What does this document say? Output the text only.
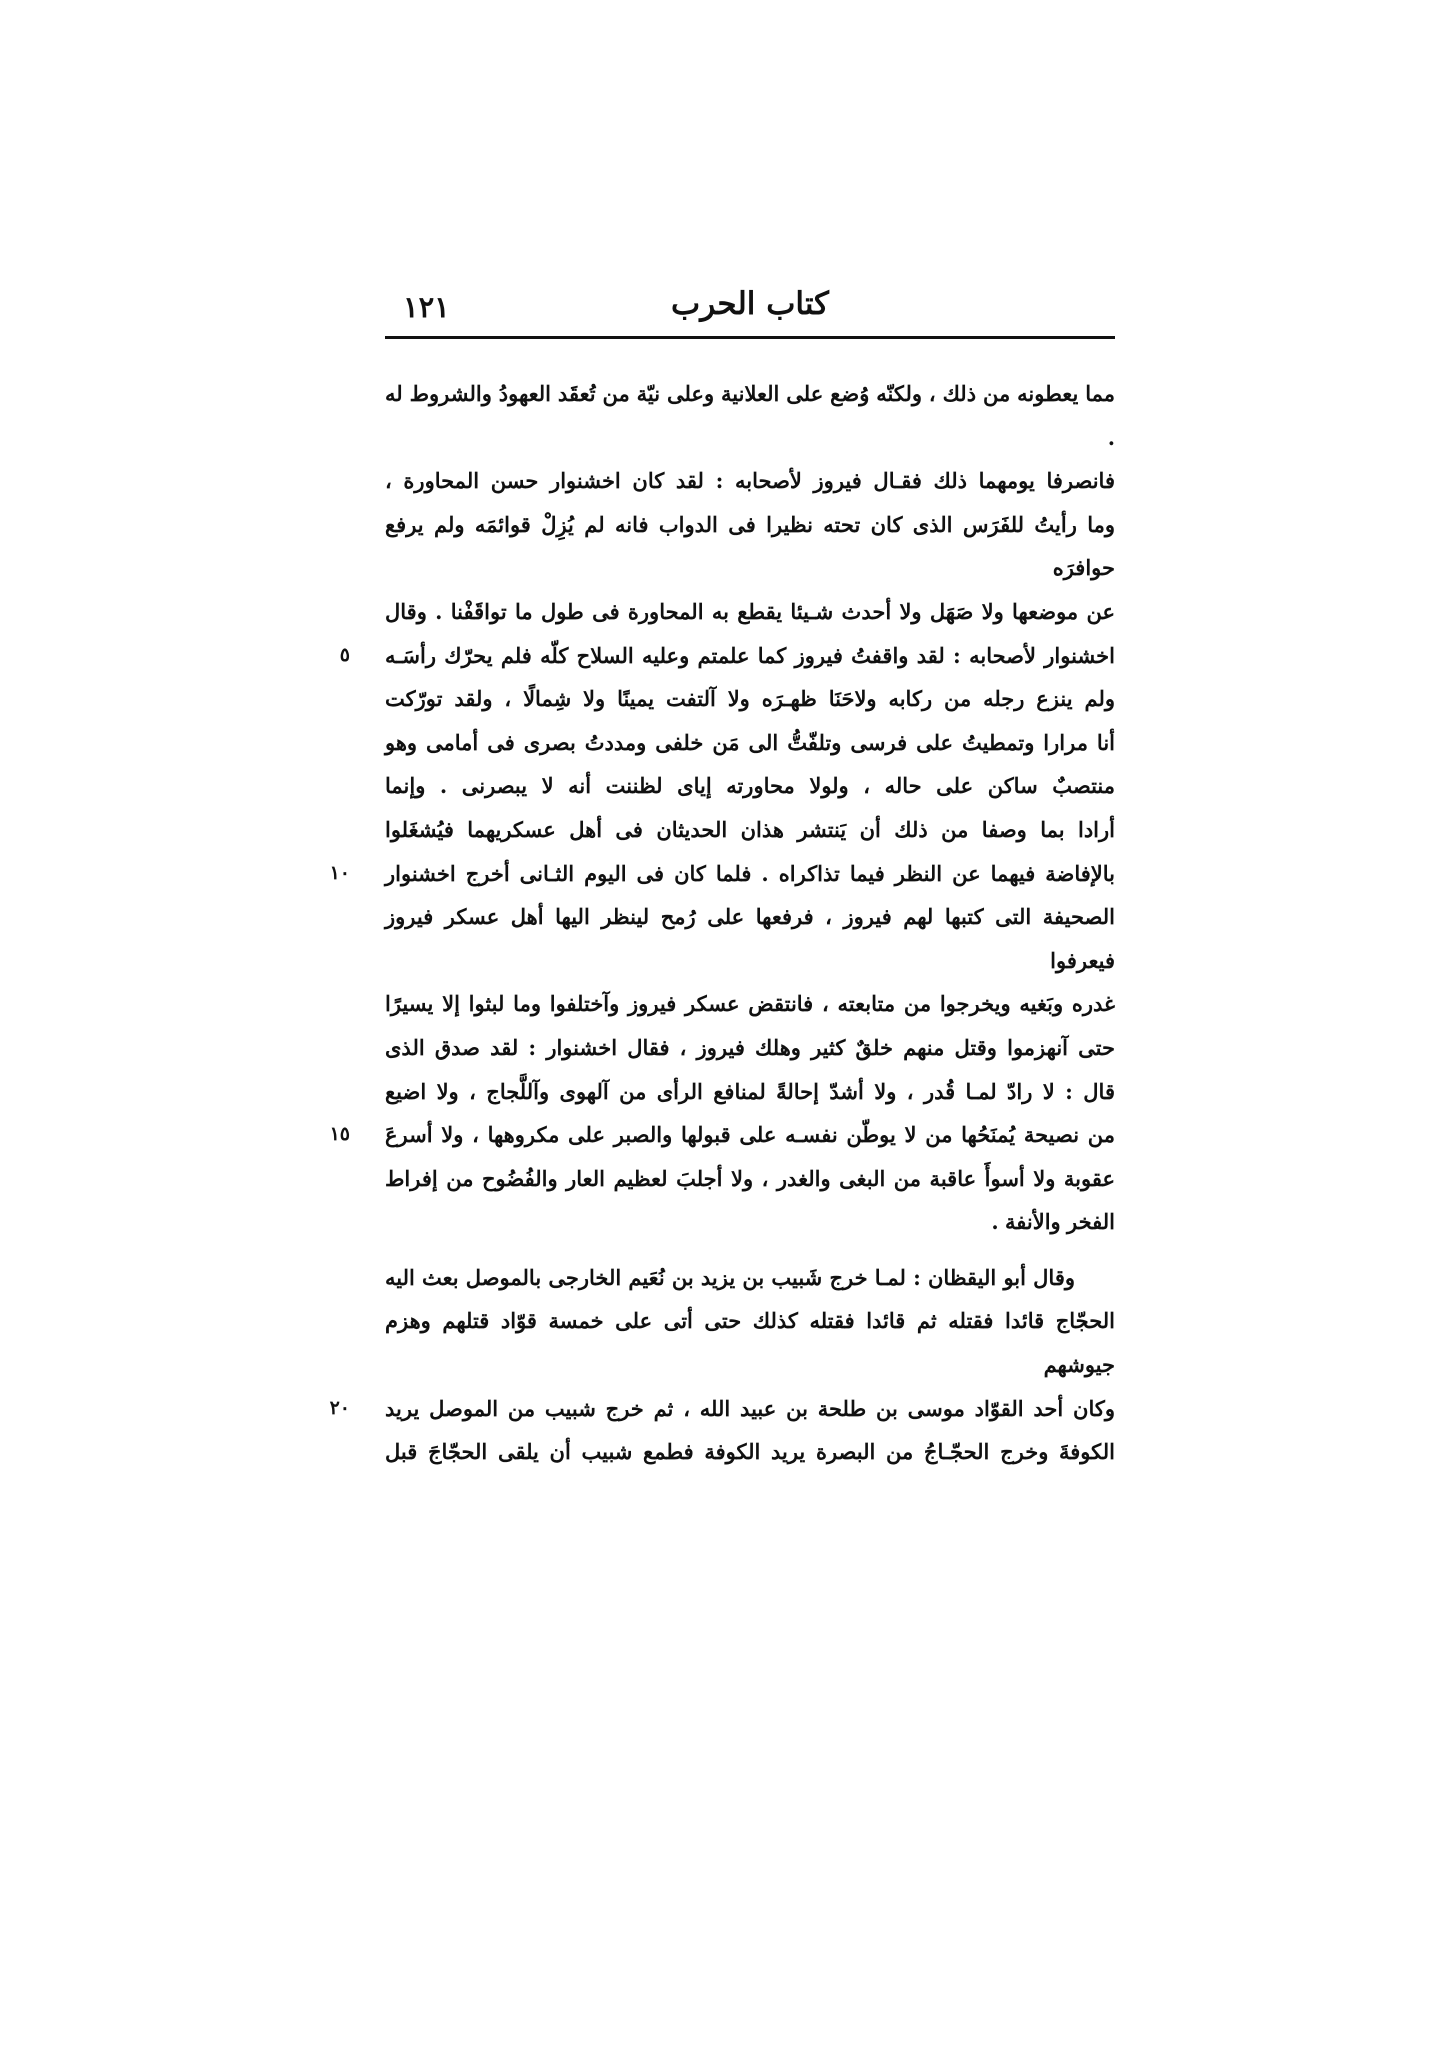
١٢١	كتاب الحرب
مما يعطونه من ذلك ، ولكنّه وُضع على العلانية وعلى نيّة من تُعقَد العهودُ والشروط له .
فانصرفا يومهما ذلك فقـال فيروز لأصحابه : لقد كان اخشنوار حسن المحاورة ،
وما رأيتُ للفَرَس الذى كان تحته نظيرا فى الدواب فانه لم يُزِلْ قوائمَه ولم يرفع حوافرَه
عن موضعها ولا صَهَل ولا أحدث شـيئا يقطع به المحاورة فى طول ما تواقَفْنا . وقال
اخشنوار لأصحابه : لقد واقفتُ فيروز كما علمتم وعليه السلاح كلّه فلم يحرّك رأسَـه
٥
ولم ينزع رجله من ركابه ولاحَنَا ظهـرَه ولا آلتفت يمينًا ولا شِمالًا ، ولقد تورّكت
أنا مرارا وتمطيتُ على فرسى وتلفّتُّ الى مَن خلفى ومددتُ بصرى فى أمامى وهو
منتصبٌ ساكن على حاله ، ولولا محاورته إياى لظننت أنه لا يبصرنى . وإنما
أرادا بما وصفا من ذلك أن يَنتشر هذان الحديثان فى أهل عسكريهما فيُشغَلوا
بالإفاضة فيهما عن النظر فيما تذاكراه . فلما كان فى اليوم الثـانى أخرج اخشنوار
١٠
الصحيفة التى كتبها لهم فيروز ، فرفعها على رُمح لينظر اليها أهل عسكر فيروز فيعرفوا
غدره وبَغيه ويخرجوا من متابعته ، فانتقض عسكر فيروز وآختلفوا وما لبثوا إلا يسيرًا
حتى آنهزموا وقتل منهم خلقٌ كثير وهلك فيروز ، فقال اخشنوار : لقد صدق الذى
قال : لا رادّ لمـا قُدر ، ولا أشدّ إحالةً لمنافع الرأى من آلهوى وآللَّجاج ، ولا اضيع
من نصيحة يُمنَحُها من لا يوطّن نفسـه على قبولها والصبر على مكروهها ، ولا أسرعَ
١٥
عقوبة ولا أسوأَ عاقبة من البغى والغدر ، ولا أجلبَ لعظيم العار والفُضُوح من إفراط
الفخر والأنفة .
وقال أبو اليقظان : لمـا خرج شَبيب بن يزيد بن نُعَيم الخارجى بالموصل بعث اليه
الحجّاج قائدا فقتله ثم قائدا فقتله كذلك حتى أتى على خمسة قوّاد قتلهم وهزم جيوشهم
وكان أحد القوّاد موسى بن طلحة بن عبيد الله ، ثم خرج شبيب من الموصل يريد
٢٠
الكوفةَ وخرج الحجّـاجُ من البصرة يريد الكوفة فطمع شبيب أن يلقى الحجّاجَ قبل
